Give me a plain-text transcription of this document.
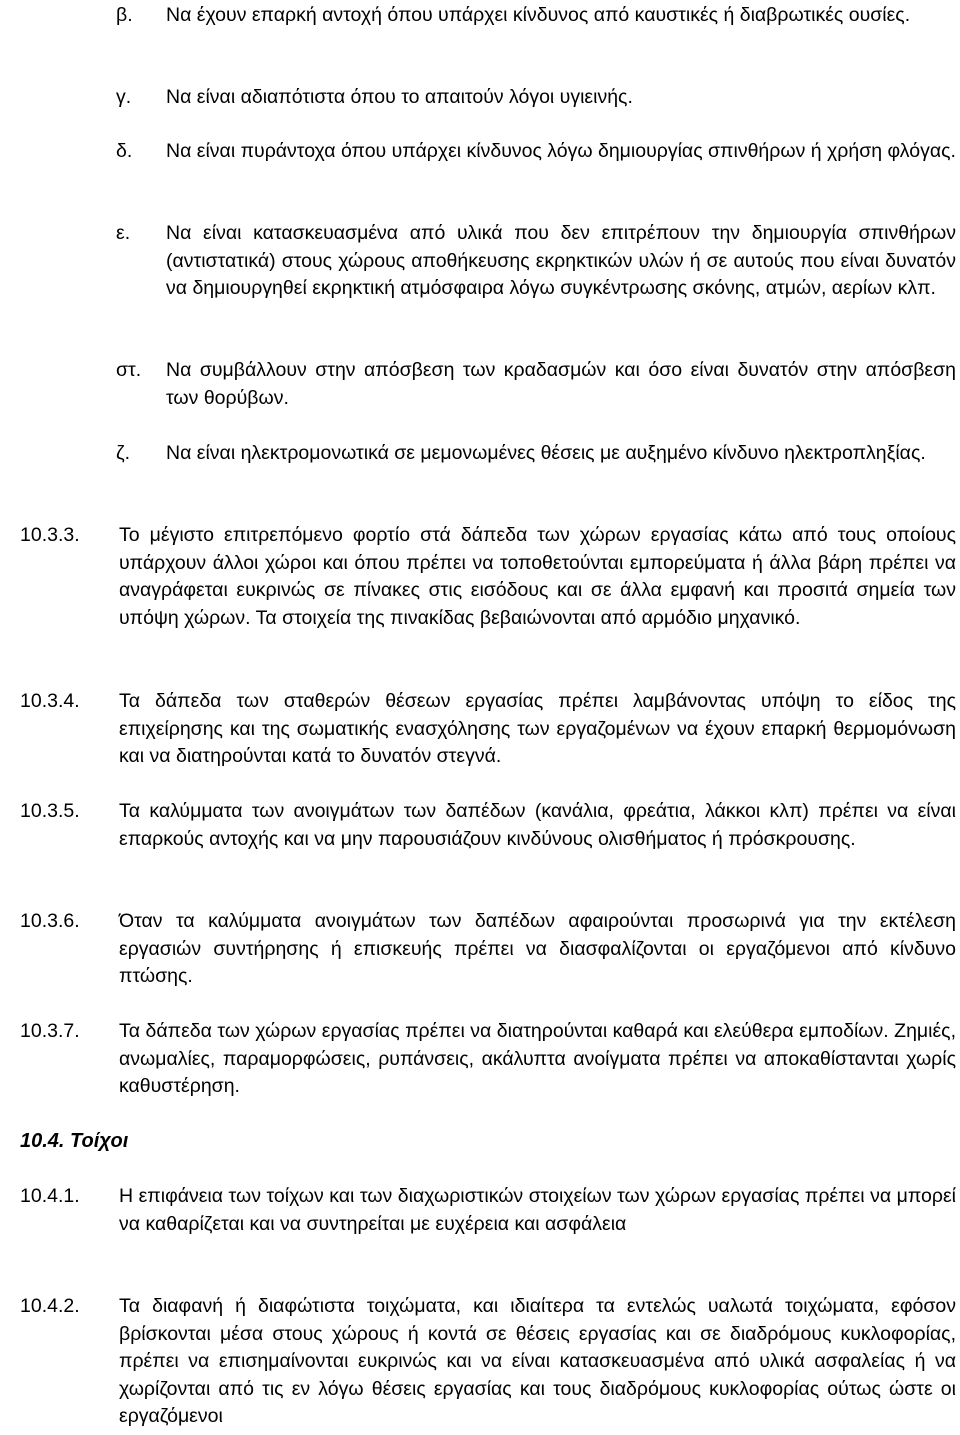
β.	Να έχουν επαρκή αντοχή όπου υπάρχει κίνδυνος από καυστικές ή διαβρωτικές ουσίες.
γ.	Να είναι αδιαπότιστα όπου το απαιτούν λόγοι υγιεινής.
δ.	Να είναι πυράντοχα όπου υπάρχει κίνδυνος λόγω δημιουργίας σπινθήρων ή χρήση φλόγας.
ε.	Να είναι κατασκευασμένα από υλικά που δεν επιτρέπουν την δημιουργία σπινθήρων (αντιστατικά) στους χώρους αποθήκευσης εκρηκτικών υλών ή σε αυτούς που είναι δυνατόν να δημιουργηθεί εκρηκτική ατμόσφαιρα λόγω συγκέντρωσης σκόνης, ατμών, αερίων κλπ.
στ.	Να συμβάλλουν στην απόσβεση των κραδασμών και όσο είναι δυνατόν στην απόσβεση των θορύβων.
ζ.	Να είναι ηλεκτρομονωτικά σε μεμονωμένες θέσεις με αυξημένο κίνδυνο ηλεκτροπληξίας.
10.3.3.	Το μέγιστο επιτρεπόμενο φορτίο στά δάπεδα των χώρων εργασίας κάτω από τους οποίους υπάρχουν άλλοι χώροι και όπου πρέπει να τοποθετούνται εμπορεύματα ή άλλα βάρη πρέπει να αναγράφεται ευκρινώς σε πίνακες στις εισόδους και σε άλλα εμφανή και προσιτά σημεία των υπόψη χώρων. Τα στοιχεία της πινακίδας βεβαιώνονται από αρμόδιο μηχανικό.
10.3.4.	Τα δάπεδα των σταθερών θέσεων εργασίας πρέπει λαμβάνοντας υπόψη το είδος της επιχείρησης και της σωματικής ενασχόλησης των εργαζομένων να έχουν επαρκή θερμομόνωση και να διατηρούνται κατά το δυνατόν στεγνά.
10.3.5.	Τα καλύμματα των ανοιγμάτων των δαπέδων (κανάλια, φρεάτια, λάκκοι κλπ) πρέπει να είναι επαρκούς αντοχής και να μην παρουσιάζουν κινδύνους ολισθήματος ή πρόσκρουσης.
10.3.6.	Όταν τα καλύμματα ανοιγμάτων των δαπέδων αφαιρούνται προσωρινά για την εκτέλεση εργασιών συντήρησης ή επισκευής πρέπει να διασφαλίζονται οι εργαζόμενοι από κίνδυνο πτώσης.
10.3.7.	Τα δάπεδα των χώρων εργασίας πρέπει να διατηρούνται καθαρά και ελεύθερα εμποδίων. Ζημιές, ανωμαλίες, παραμορφώσεις, ρυπάνσεις, ακάλυπτα ανοίγματα πρέπει να αποκαθίστανται χωρίς καθυστέρηση.
10.4. Τοίχοι
10.4.1.	Η επιφάνεια των τοίχων και των διαχωριστικών στοιχείων των χώρων εργασίας πρέπει να μπορεί να καθαρίζεται και να συντηρείται με ευχέρεια και ασφάλεια
10.4.2.	Τα διαφανή ή διαφώτιστα τοιχώματα, και ιδιαίτερα τα εντελώς υαλωτά τοιχώματα, εφόσον βρίσκονται μέσα στους χώρους ή κοντά σε θέσεις εργασίας και σε διαδρόμους κυκλοφορίας, πρέπει να επισημαίνονται ευκρινώς και να είναι κατασκευασμένα από υλικά ασφαλείας ή να χωρίζονται από τις εν λόγω θέσεις εργασίας και τους διαδρόμους κυκλοφορίας ούτως ώστε οι εργαζόμενοι
